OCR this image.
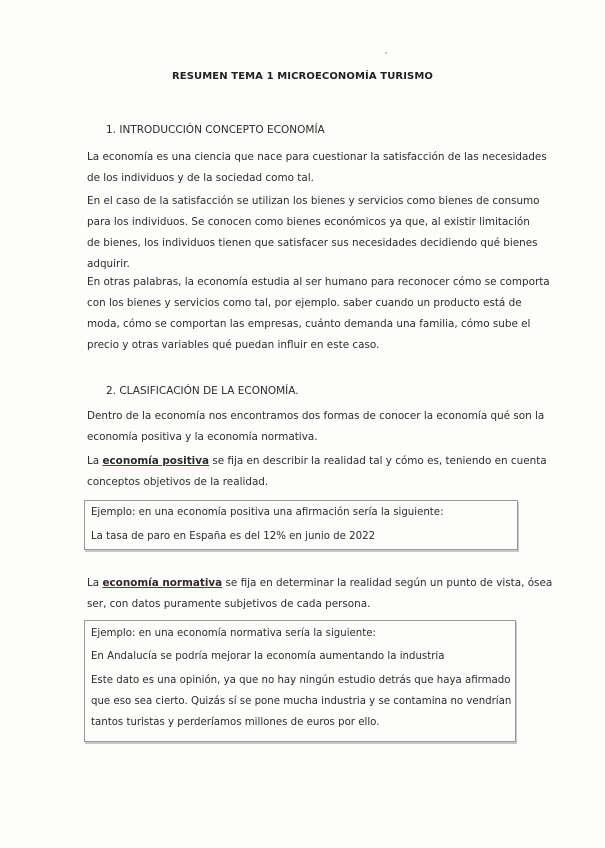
RESUMEN TEMA 1 MICROECONOMÍA TURISMO
1. INTRODUCCIÓN CONCEPTO ECONOMÍA
La economía es una ciencia que nace para cuestionar la satisfacción de las necesidades
de los individuos y de la sociedad como tal.
En el caso de la satisfacción se utilizan los bienes y servicios como bienes de consumo
para los individuos. Se conocen como bienes económicos ya que, al existir limitación
de bienes, los individuos tienen que satisfacer sus necesidades decidiendo qué bienes
adquirir.
En otras palabras, la economía estudia al ser humano para reconocer cómo se comporta
con los bienes y servicios como tal, por ejemplo. saber cuando un producto está de
moda, cómo se comportan las empresas, cuánto demanda una familia, cómo sube el
precio y otras variables qué puedan influir en este caso.
2. CLASIFICACIÓN DE LA ECONOMÍA.
Dentro de la economía nos encontramos dos formas de conocer la economía qué son la
economía positiva y la economía normativa.
La economía positiva se fija en describir la realidad tal y cómo es, teniendo en cuenta
conceptos objetivos de la realidad.
Ejemplo: en una economía positiva una afirmación sería la siguiente:
La tasa de paro en España es del 12% en junio de 2022
La economía normativa se fija en determinar la realidad según un punto de vista, ósea
ser, con datos puramente subjetivos de cada persona.
Ejemplo: en una economía normativa sería la siguiente:
En Andalucía se podría mejorar la economía aumentando la industria
Este dato es una opinión, ya que no hay ningún estudio detrás que haya afirmado
que eso sea cierto. Quizás sí se pone mucha industria y se contamina no vendrían
tantos turistas y perderíamos millones de euros por ello.
